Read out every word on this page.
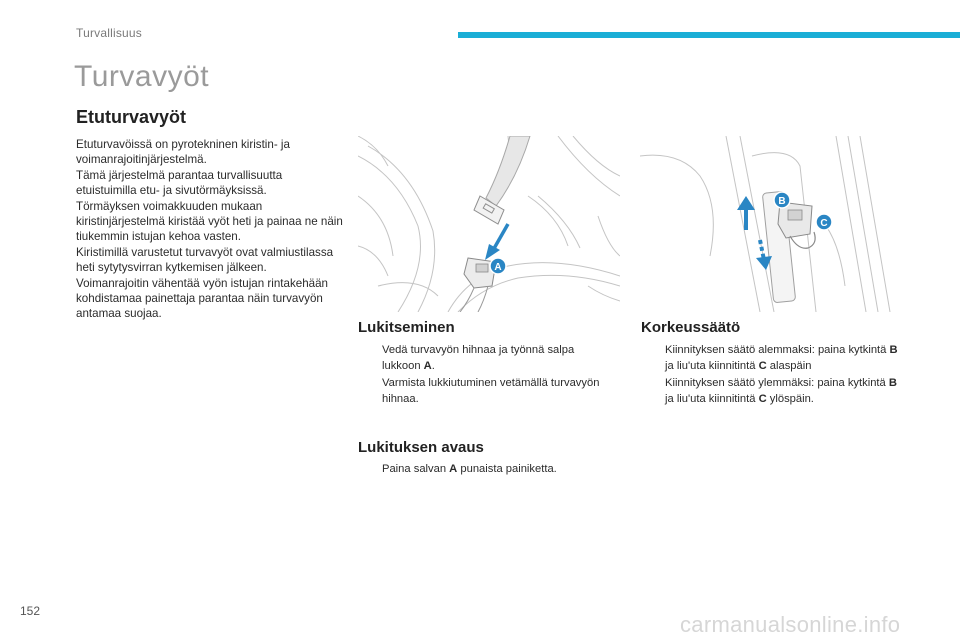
Turvallisuus
Turvavyöt
Etuturvavyöt

Etuturvavöissä on pyrotekninen kiristin- ja voimanrajoitinjärjestelmä.

Tämä järjestelmä parantaa turvallisuutta etuistuimilla etu- ja sivutörmäyksissä.

Törmäyksen voimakkuuden mukaan kiristinjärjestelmä kiristää vyöt heti ja painaa ne näin tiukemmin istujan kehoa vasten.

Kiristimillä varustetut turvavyöt ovat valmiustilassa heti sytytysvirran kytkemisen jälkeen.

Voimanrajoitin vähentää vyön istujan rintakehään kohdistamaa painettaja parantaa näin turvavyön antamaa suojaa.

A
B
C
Lukitseminen
Vedä turvavyön hihnaa ja työnnä salpa lukkoon A.
Varmista lukkiutuminen vetämällä turvavyön hihnaa.
Lukituksen avaus
Paina salvan A punaista painiketta.
Korkeussäätö
Kiinnityksen säätö alemmaksi: paina kytkintä B ja liu'uta kiinnitintä C alaspäin
Kiinnityksen säätö ylemmäksi: paina kytkintä B ja liu'uta kiinnitintä C ylöspäin.
152
carmanualsonline.info
